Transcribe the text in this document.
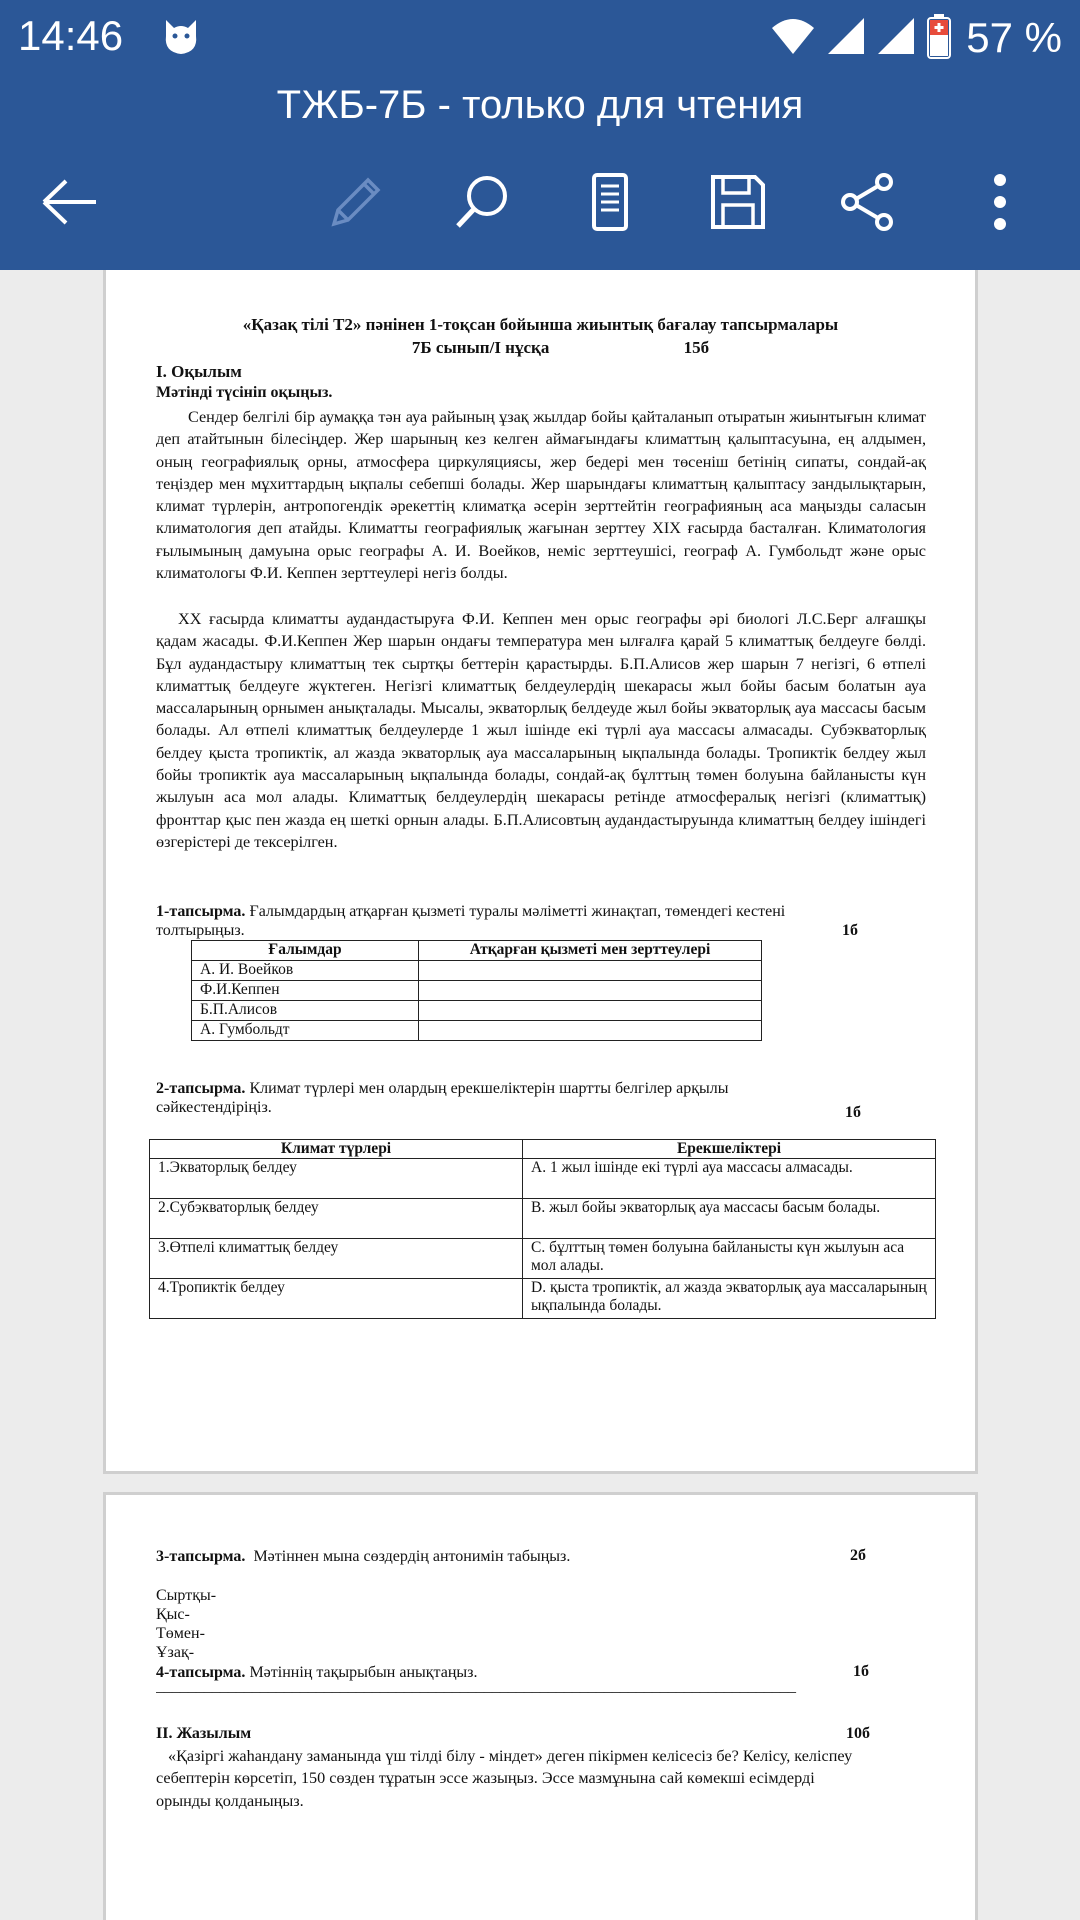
14:46	57 %
ТЖБ-7Б - только для чтения
«Қазақ тілі Т2» пәнінен 1-тоқсан бойынша жиынтық бағалау тапсырмалары
7Б сынып/І нұсқа	15б
І. Оқылым
Мәтінді түсініп оқыңыз.
Сендер белгілі бір аумаққа тән ауа райының ұзақ жылдар бойы қайталанып отыратын жиынтығын климат деп атайтынын білесіңдер. Жер шарының кез келген аймағындағы климаттың қалыптасуына, ең алдымен, оның географиялық орны, атмосфера циркуляциясы, жер бедері мен төсеніш бетінің сипаты, сондай-ақ теңіздер мен мұхиттардың ықпалы себепші болады. Жер шарындағы климаттың қалыптасу зандылықтарын, климат түрлерін, антропогендік әрекеттің климатқа әсерін зерттейтін географияның аса маңызды саласын климатология деп атайды. Климатты географиялық жағынан зерттеу XIX ғасырда басталған. Климатология ғылымының дамуына орыс географы А. И. Воейков, неміс зерттеушісі, географ А. Гумбольдт және орыс климатологы Ф.И. Кеппен зерттеулері негіз болды.
XX ғасырда климатты аудандастыруға Ф.И. Кеппен мен орыс географы әрі биологі Л.С.Берг алғашқы қадам жасады. Ф.И.Кеппен Жер шарын ондағы температура мен ылғалға қарай 5 климаттық белдеуге бөлді. Бұл аудандастыру климаттың тек сыртқы беттерін қарастырды. Б.П.Алисов жер шарын 7 негізгі, 6 өтпелі климаттық белдеуге жүктеген. Негізгі климаттық белдеулердің шекарасы жыл бойы басым болатын ауа массаларының орнымен анықталады. Мысалы, экваторлық белдеуде жыл бойы экваторлық ауа массасы басым болады. Ал өтпелі климаттық белдеулерде 1 жыл ішінде екі түрлі ауа массасы алмасады. Субэкваторлық белдеу қыста тропиктік, ал жазда экваторлық ауа массаларының ықпалында болады. Тропиктік белдеу жыл бойы тропиктік ауа массаларының ықпалында болады, сондай-ақ бұлттың төмен болуына байланысты күн жылуын аса мол алады. Климаттық белдеулердің шекарасы ретінде атмосфералық негізгі (климаттық) фронттар қыс пен жазда ең шеткі орнын алады. Б.П.Алисовтың аудандастыруында климаттың белдеу ішіндегі өзгерістері де тексерілген.
1-тапсырма. Ғалымдардың атқарған қызметі туралы мәліметті жинақтап, төмендегі кестені толтырыңыз.	1б
Ғалымдар	Атқарған қызметі мен зерттеулері
А. И. Воейков	
Ф.И.Кеппен	
Б.П.Алисов	
А. Гумбольдт	
2-тапсырма. Климат түрлері мен олардың ерекшеліктерін шартты белгілер арқылы сәйкестендіріңіз.	1б
Климат түрлері	Ерекшеліктері
1.Экваторлық белдеу	А. 1 жыл ішінде екі түрлі ауа массасы алмасады.
2.Субэкваторлық белдеу	В. жыл бойы экваторлық ауа массасы басым болады.
3.Өтпелі климаттық белдеу	С. бұлттың төмен болуына байланысты күн жылуын аса мол алады.
4.Тропиктік белдеу	D. қыста тропиктік, ал жазда экваторлық ауа массаларының ықпалында болады.
3-тапсырма. Мәтіннен мына сөздердің антонимін табыңыз.	2б
Сыртқы-
Қыс-
Төмен-
Ұзақ-
4-тапсырма. Мәтіннің тақырыбын анықтаңыз.	1б
________________________________________________________________________________
ІІ. Жазылым	10б
«Қазіргі жаһандану заманында үш тілді білу - міндет» деген пікірмен келісесіз бе? Келісу, келіспеу себептерін көрсетіп, 150 сөзден тұратын эссе жазыңыз. Эссе мазмұнына сай көмекші есімдерді орынды қолданыңыз.
